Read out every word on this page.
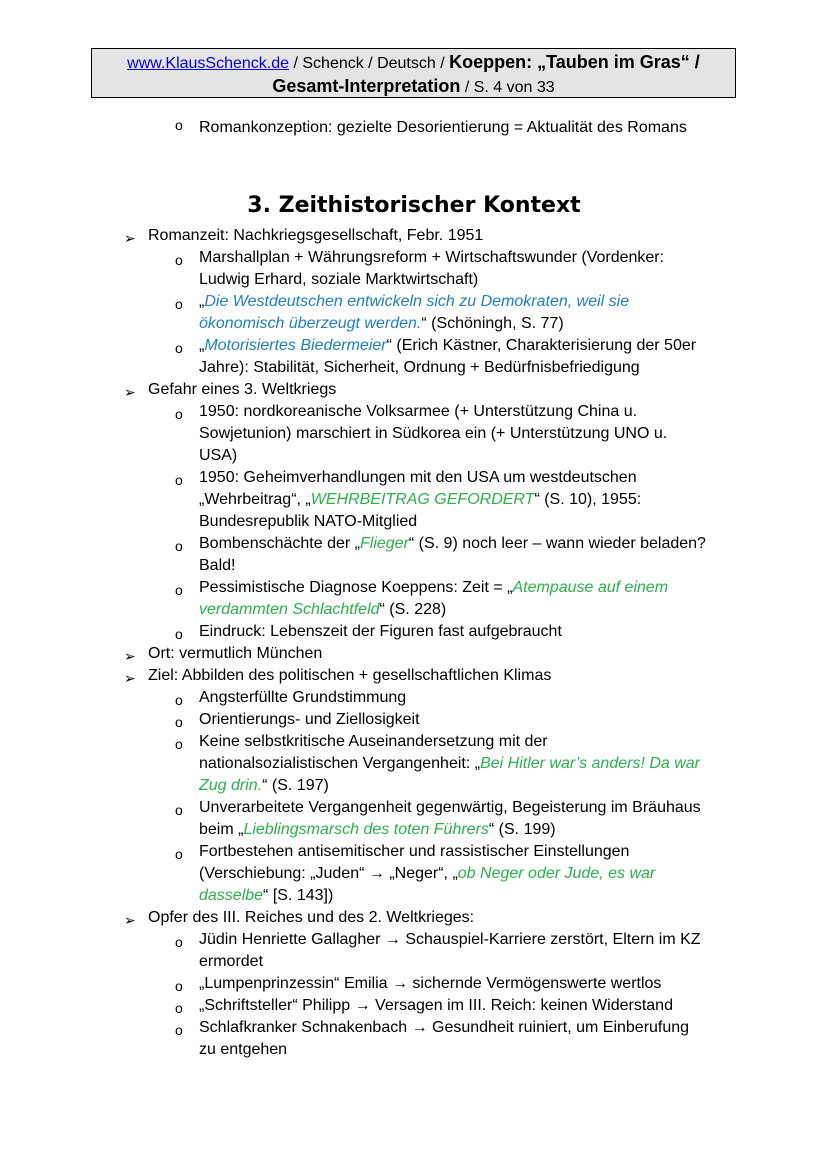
www.KlausSchenck.de / Schenck / Deutsch / Koeppen: „Tauben im Gras“ /
Gesamt-Interpretation / S. 4 von 33
o Romankonzeption: gezielte Desorientierung = Aktualität des Romans
3. Zeithistorischer Kontext
➢ Romanzeit: Nachkriegsgesellschaft, Febr. 1951
o Marshallplan + Währungsreform + Wirtschaftswunder (Vordenker:
Ludwig Erhard, soziale Marktwirtschaft)
o „Die Westdeutschen entwickeln sich zu Demokraten, weil sie
ökonomisch überzeugt werden.“ (Schöningh, S. 77)
o „Motorisiertes Biedermeier“ (Erich Kästner, Charakterisierung der 50er
Jahre): Stabilität, Sicherheit, Ordnung + Bedürfnisbefriedigung
➢ Gefahr eines 3. Weltkriegs
o 1950: nordkoreanische Volksarmee (+ Unterstützung China u.
Sowjetunion) marschiert in Südkorea ein (+ Unterstützung UNO u.
USA)
o 1950: Geheimverhandlungen mit den USA um westdeutschen
„Wehrbeitrag“, „WEHRBEITRAG GEFORDERT“ (S. 10), 1955:
Bundesrepublik NATO-Mitglied
o Bombenschächte der „Flieger“ (S. 9) noch leer – wann wieder beladen?
Bald!
o Pessimistische Diagnose Koeppens: Zeit = „Atempause auf einem
verdammten Schlachtfeld“ (S. 228)
o Eindruck: Lebenszeit der Figuren fast aufgebraucht
➢ Ort: vermutlich München
➢ Ziel: Abbilden des politischen + gesellschaftlichen Klimas
o Angsterfüllte Grundstimmung
o Orientierungs- und Ziellosigkeit
o Keine selbstkritische Auseinandersetzung mit der
nationalsozialistischen Vergangenheit: „Bei Hitler war’s anders! Da war
Zug drin.“ (S. 197)
o Unverarbeitete Vergangenheit gegenwärtig, Begeisterung im Bräuhaus
beim „Lieblingsmarsch des toten Führers“ (S. 199)
o Fortbestehen antisemitischer und rassistischer Einstellungen
(Verschiebung: „Juden“ → „Neger“, „ob Neger oder Jude, es war
dasselbe“ [S. 143])
➢ Opfer des III. Reiches und des 2. Weltkrieges:
o Jüdin Henriette Gallagher → Schauspiel-Karriere zerstört, Eltern im KZ
ermordet
o „Lumpenprinzessin“ Emilia → sichernde Vermögenswerte wertlos
o „Schriftsteller“ Philipp → Versagen im III. Reich: keinen Widerstand
o Schlafkranker Schnakenbach → Gesundheit ruiniert, um Einberufung
zu entgehen
